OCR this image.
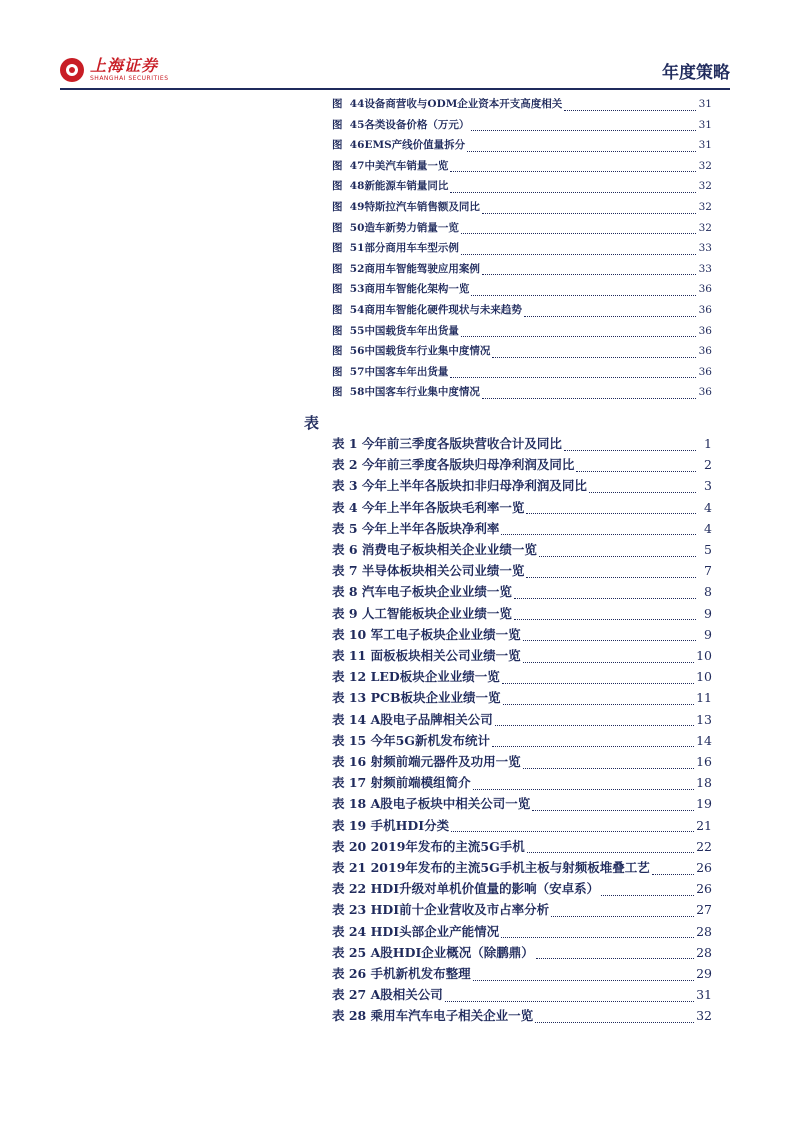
上海证券
SHANGHAI SECURITIES	年度策略
图  44 设备商营收与ODM企业资本开支高度相关	31
图  45 各类设备价格（万元）	31
图  46 EMS产线价值量拆分	31
图  47 中美汽车销量一览	32
图  48 新能源车销量同比	32
图  49 特斯拉汽车销售额及同比	32
图  50 造车新势力销量一览	32
图  51 部分商用车车型示例	33
图  52 商用车智能驾驶应用案例	33
图  53 商用车智能化架构一览	36
图  54 商用车智能化硬件现状与未来趋势	36
图  55 中国载货车年出货量	36
图  56 中国载货车行业集中度情况	36
图  57 中国客车年出货量	36
图  58 中国客车行业集中度情况	36
表
表 1 今年前三季度各版块营收合计及同比	1
表 2 今年前三季度各版块归母净利润及同比	2
表 3 今年上半年各版块扣非归母净利润及同比	3
表 4 今年上半年各版块毛利率一览	4
表 5 今年上半年各版块净利率	4
表 6 消费电子板块相关企业业绩一览	5
表 7 半导体板块相关公司业绩一览	7
表 8 汽车电子板块企业业绩一览	8
表 9 人工智能板块企业业绩一览	9
表 10 军工电子板块企业业绩一览	9
表 11 面板板块相关公司业绩一览	10
表 12 LED板块企业业绩一览	10
表 13 PCB板块企业业绩一览	11
表 14 A股电子品牌相关公司	13
表 15 今年5G新机发布统计	14
表 16 射频前端元器件及功用一览	16
表 17 射频前端模组简介	18
表 18 A股电子板块中相关公司一览	19
表 19 手机HDI分类	21
表 20 2019年发布的主流5G手机	22
表 21 2019年发布的主流5G手机主板与射频板堆叠工艺	26
表 22 HDI升级对单机价值量的影响（安卓系）	26
表 23 HDI前十企业营收及市占率分析	27
表 24 HDI头部企业产能情况	28
表 25 A股HDI企业概况（除鹏鼎）	28
表 26 手机新机发布整理	29
表 27 A股相关公司	31
表 28 乘用车汽车电子相关企业一览	32
